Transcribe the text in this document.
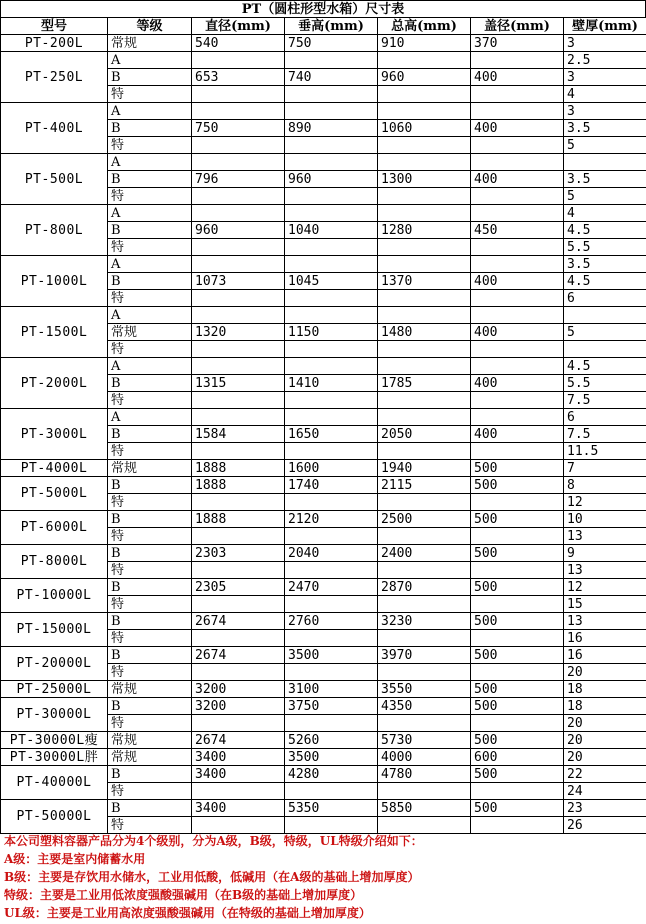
PT（圆柱形型水箱）尺寸表
型号	等级	直径(mm)	垂高(mm)	总高(mm)	盖径(mm)	壁厚(mm)
PT-200L	常规	540	750	910	370	3
PT-250L	A					2.5
	B	653	740	960	400	3
	特					4
PT-400L	A					3
	B	750	890	1060	400	3.5
	特					5
PT-500L	A					
	B	796	960	1300	400	3.5
	特					5
PT-800L	A					4
	B	960	1040	1280	450	4.5
	特					5.5
PT-1000L	A					3.5
	B	1073	1045	1370	400	4.5
	特					6
PT-1500L	A					
	常规	1320	1150	1480	400	5
	特					
PT-2000L	A					4.5
	B	1315	1410	1785	400	5.5
	特					7.5
PT-3000L	A					6
	B	1584	1650	2050	400	7.5
	特					11.5
PT-4000L	常规	1888	1600	1940	500	7
PT-5000L	B	1888	1740	2115	500	8
	特					12
PT-6000L	B	1888	2120	2500	500	10
	特					13
PT-8000L	B	2303	2040	2400	500	9
	特					13
PT-10000L	B	2305	2470	2870	500	12
	特					15
PT-15000L	B	2674	2760	3230	500	13
	特					16
PT-20000L	B	2674	3500	3970	500	16
	特					20
PT-25000L	常规	3200	3100	3550	500	18
PT-30000L	B	3200	3750	4350	500	18
	特					20
PT-30000L瘦	常规	2674	5260	5730	500	20
PT-30000L胖	常规	3400	3500	4000	600	20
PT-40000L	B	3400	4280	4780	500	22
	特					24
PT-50000L	B	3400	5350	5850	500	23
	特					26
本公司塑料容器产品分为4个级别，分为A级，B级，特级，UL特级介绍如下：
A级：主要是室内储蓄水用
B级：主要是存饮用水储水，工业用低酸，低碱用（在A级的基础上增加厚度）
特级：主要是工业用低浓度强酸强碱用（在B级的基础上增加厚度）
UL级：主要是工业用高浓度强酸强碱用（在特级的基础上增加厚度）
